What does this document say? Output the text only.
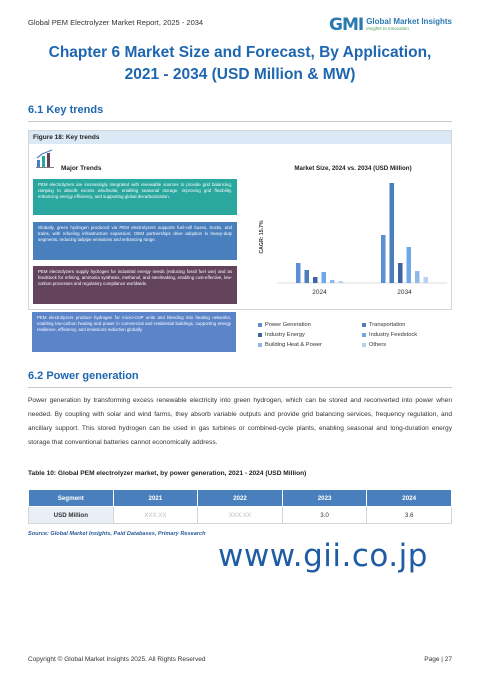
Global PEM Electrolyzer Market Report, 2025 - 2034	GMI Global Market Insights
Insights to Innovation
Chapter 6 Market Size and Forecast, By Application,
2021 - 2034 (USD Million & MW)
6.1 Key trends
Figure 18: Key trends
Major Trends
PEM electrolyzers are increasingly integrated with renewable sources to provide grid balancing, ramping to absorb excess wind/solar, enabling seasonal storage, improving grid flexibility, enhancing energy efficiency, and supporting global decarbonization.
Globally, green hydrogen produced via PEM electrolyzers supports fuel-cell buses, trucks, and trains, with refueling infrastructure expansion; OEM partnerships drive adoption in heavy-duty segments, reducing tailpipe emissions and enhancing range.
PEM electrolyzers supply hydrogen for industrial energy needs (reducing fossil fuel use) and as feedstock for refining, ammonia synthesis, methanol, and steelmaking, enabling cost-effective, low-carbon processes and regulatory compliance worldwide.
Market Size, 2024 vs. 2034 (USD Million)
CAGR: 15.7%
2024	2034
PEM electrolyzers produce hydrogen for micro-CHP units and blending into heating networks, enabling low-carbon heating and power in commercial and residential buildings, supporting energy resilience, efficiency, and emissions reduction globally.
Power Generation	Transportation
Industry Energy	Industry Feedstock
Building Heat & Power	Others
6.2 Power generation
Power generation by transforming excess renewable electricity into green hydrogen, which can be stored and reconverted into power when needed. By coupling with solar and wind farms, they absorb variable outputs and provide grid balancing services, frequency regulation, and ancillary support. This stored hydrogen can be used in gas turbines or combined-cycle plants, enabling seasonal and long-duration energy storage that conventional batteries cannot economically address.
Table 10: Global PEM electrolyzer market, by power generation, 2021 - 2024 (USD Million)
Segment	2021	2022	2023	2024
USD Million	XXX.XX	XXX.XX	3.0	3.6
Source: Global Market Insights, Paid Databases, Primary Research
www.gii.co.jp
Copyright © Global Market Insights 2025. All Rights Reserved	Page | 27
